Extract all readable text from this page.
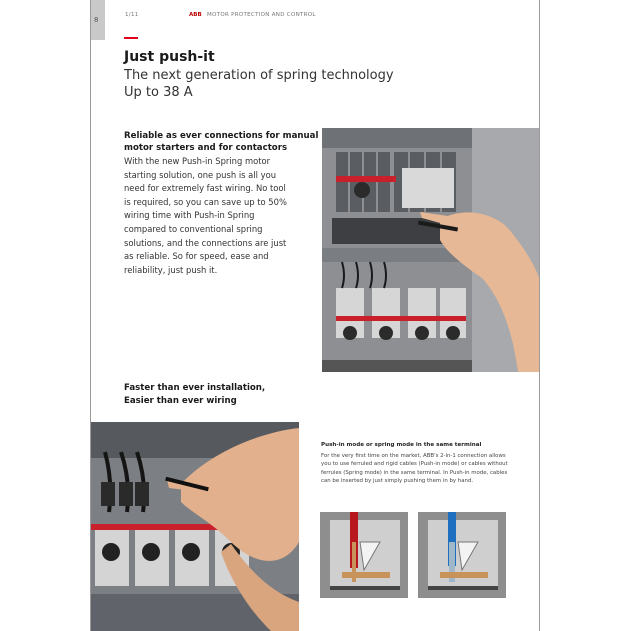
8
1/11	ABB MOTOR PROTECTION AND CONTROL
Just push-it
The next generation of spring technology
Up to 38 A
Reliable as ever connections for manual motor starters and for contactors
With the new Push-in Spring motor starting solution, one push is all you need for extremely fast wiring. No tool is required, so you can save up to 50% wiring time with Push-in Spring compared to conventional spring solutions, and the connections are just as reliable. So for speed, ease and reliability, just push it.
Faster than ever installation,
Easier than ever wiring
Push-in mode or spring mode in the same terminal
For the very first time on the market, ABB's 2-in-1 connection allows you to use ferruled and rigid cables (Push-in mode) or cables without ferrules (Spring mode) in the same terminal. In Push-in mode, cables can be inserted by just simply pushing them in by hand.
